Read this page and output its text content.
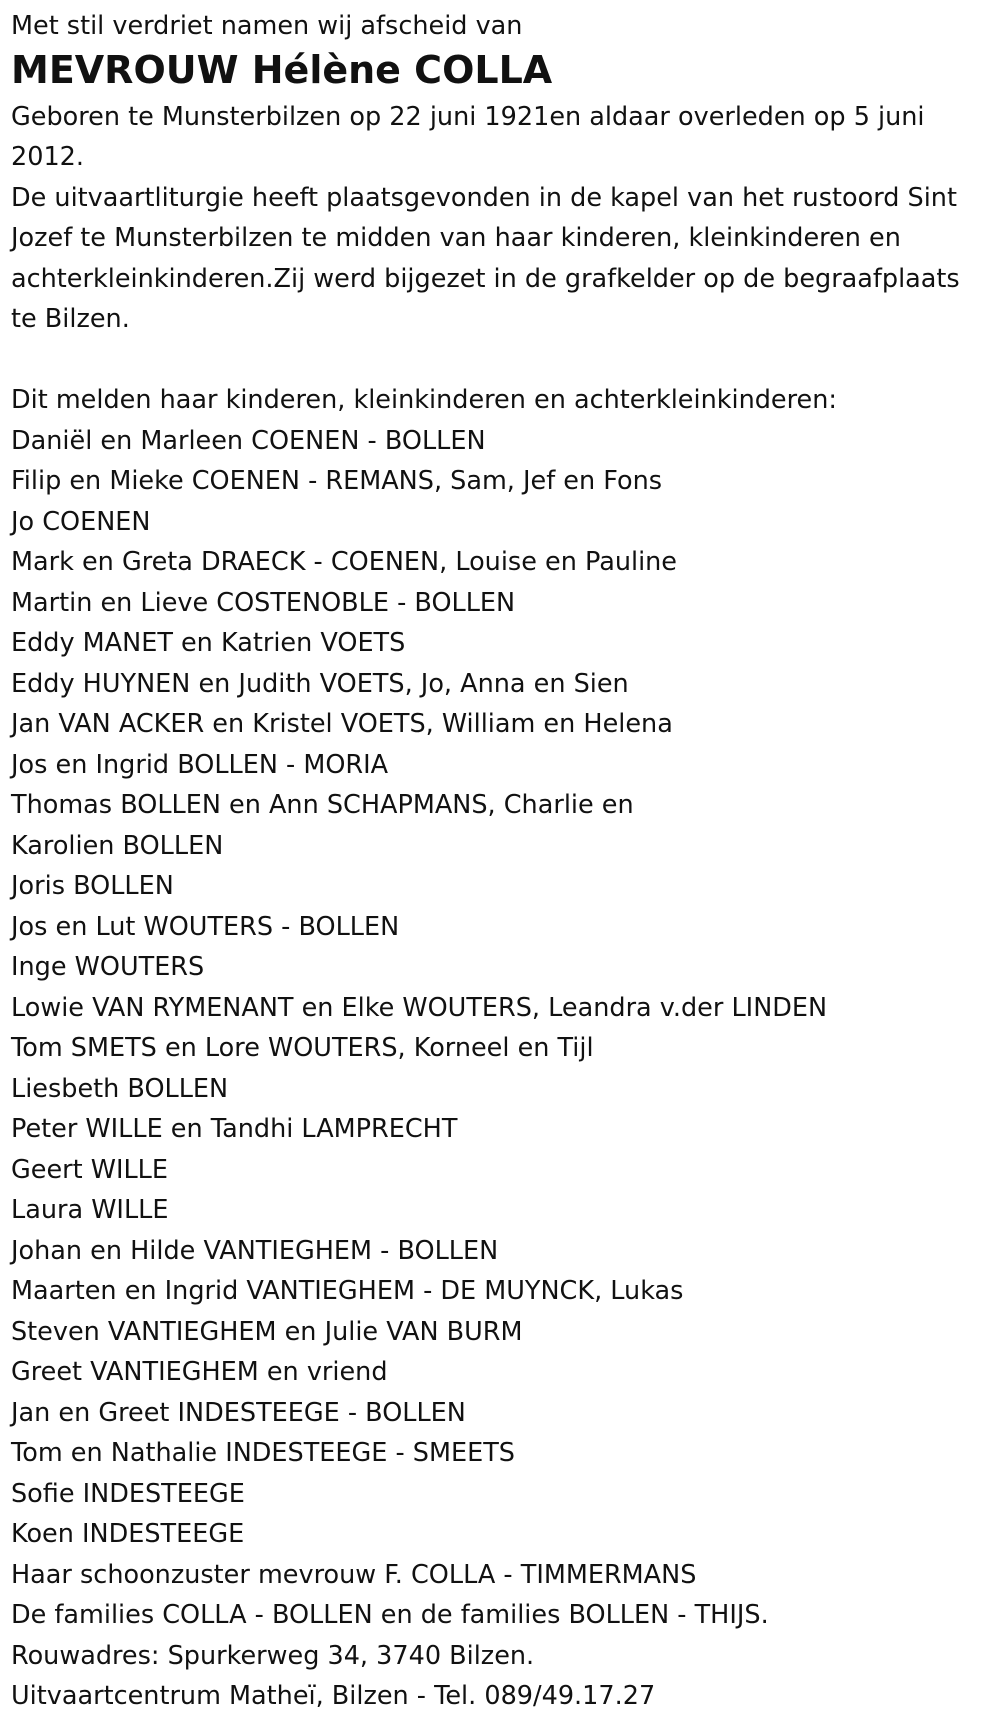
Met stil verdriet namen wij afscheid van
MEVROUW Hélène COLLA

Geboren te Munsterbilzen op 22 juni 1921en aldaar overleden op 5 juni 2012.

De uitvaartliturgie heeft plaatsgevonden in de kapel van het rustoord Sint Jozef te Munsterbilzen te midden van haar kinderen, kleinkinderen en achterkleinkinderen.Zij werd bijgezet in de grafkelder op de begraafplaats te Bilzen.

Dit melden haar kinderen, kleinkinderen en achterkleinkinderen:
Daniël en Marleen COENEN - BOLLEN
Filip en Mieke COENEN - REMANS, Sam, Jef en Fons
Jo COENEN
Mark en Greta DRAECK - COENEN, Louise en Pauline
Martin en Lieve COSTENOBLE - BOLLEN
Eddy MANET en Katrien VOETS
Eddy HUYNEN en Judith VOETS, Jo, Anna en Sien
Jan VAN ACKER en Kristel VOETS, William en Helena
Jos en Ingrid BOLLEN - MORIA
Thomas BOLLEN en Ann SCHAPMANS, Charlie en
Karolien BOLLEN
Joris BOLLEN
Jos en Lut WOUTERS - BOLLEN
Inge WOUTERS
Lowie VAN RYMENANT en Elke WOUTERS, Leandra v.der LINDEN
Tom SMETS en Lore WOUTERS, Korneel en Tijl
Liesbeth BOLLEN
Peter WILLE en Tandhi LAMPRECHT
Geert WILLE
Laura WILLE
Johan en Hilde VANTIEGHEM - BOLLEN
Maarten en Ingrid VANTIEGHEM - DE MUYNCK, Lukas
Steven VANTIEGHEM en Julie VAN BURM
Greet VANTIEGHEM en vriend
Jan en Greet INDESTEEGE - BOLLEN
Tom en Nathalie INDESTEEGE - SMEETS
Sofie INDESTEEGE
Koen INDESTEEGE
Haar schoonzuster mevrouw F. COLLA - TIMMERMANS
De families COLLA - BOLLEN en de families BOLLEN - THIJS.
Rouwadres: Spurkerweg 34, 3740 Bilzen.
Uitvaartcentrum Matheï, Bilzen - Tel. 089/49.17.27
